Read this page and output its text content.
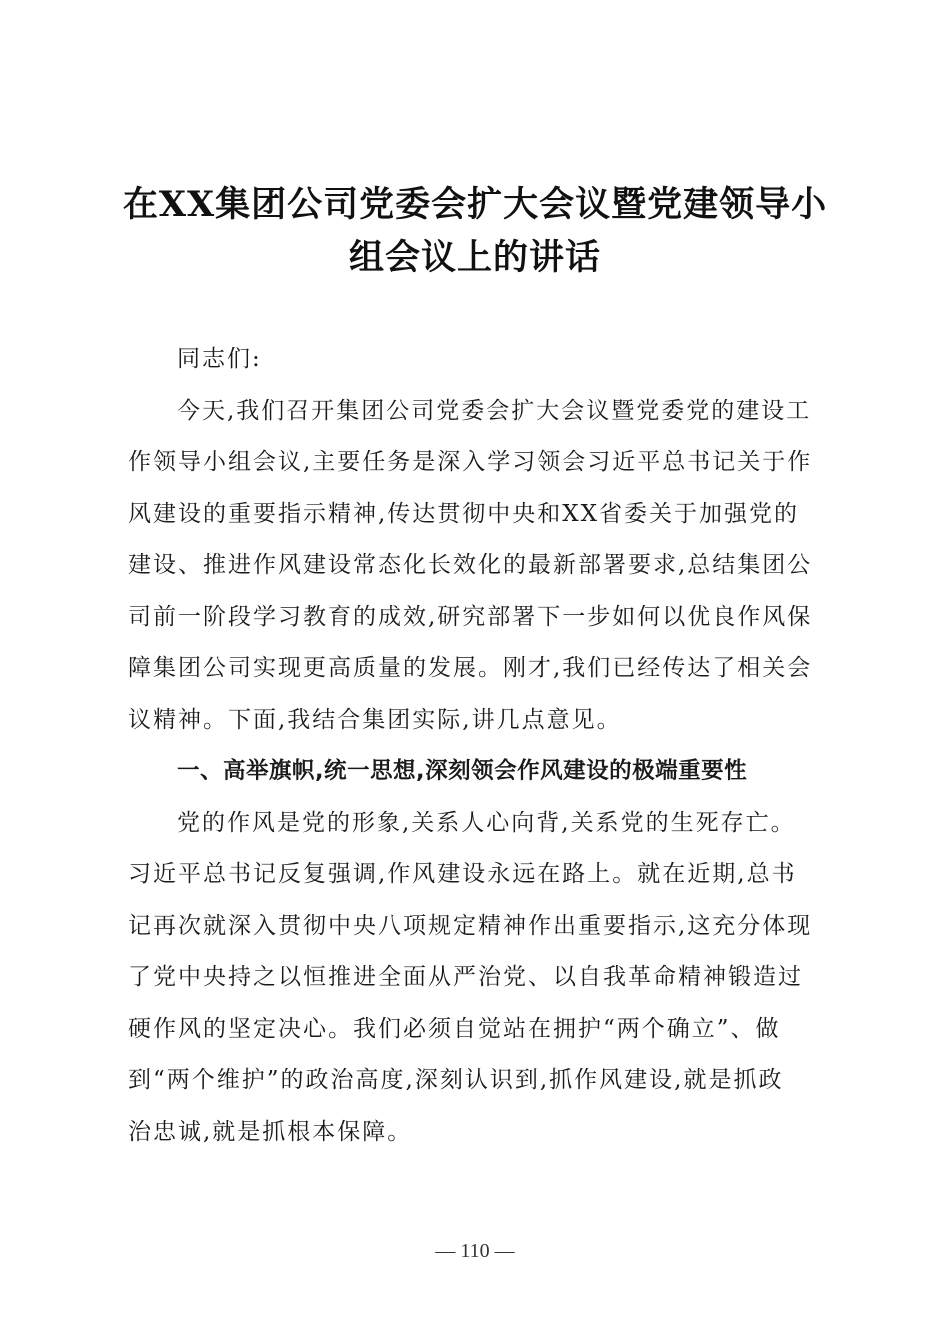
在XX集团公司党委会扩大会议暨党建领导小
组会议上的讲话
同志们:
今天,我们召开集团公司党委会扩大会议暨党委党的建设工
作领导小组会议,主要任务是深入学习领会习近平总书记关于作
风建设的重要指示精神,传达贯彻中央和XX省委关于加强党的
建设、推进作风建设常态化长效化的最新部署要求,总结集团公
司前一阶段学习教育的成效,研究部署下一步如何以优良作风保
障集团公司实现更高质量的发展。刚才,我们已经传达了相关会
议精神。下面,我结合集团实际,讲几点意见。
一、高举旗帜,统一思想,深刻领会作风建设的极端重要性
党的作风是党的形象,关系人心向背,关系党的生死存亡。
习近平总书记反复强调,作风建设永远在路上。就在近期,总书
记再次就深入贯彻中央八项规定精神作出重要指示,这充分体现
了党中央持之以恒推进全面从严治党、以自我革命精神锻造过
硬作风的坚定决心。我们必须自觉站在拥护“两个确立”、做
到“两个维护”的政治高度,深刻认识到,抓作风建设,就是抓政
治忠诚,就是抓根本保障。
— 110 —
